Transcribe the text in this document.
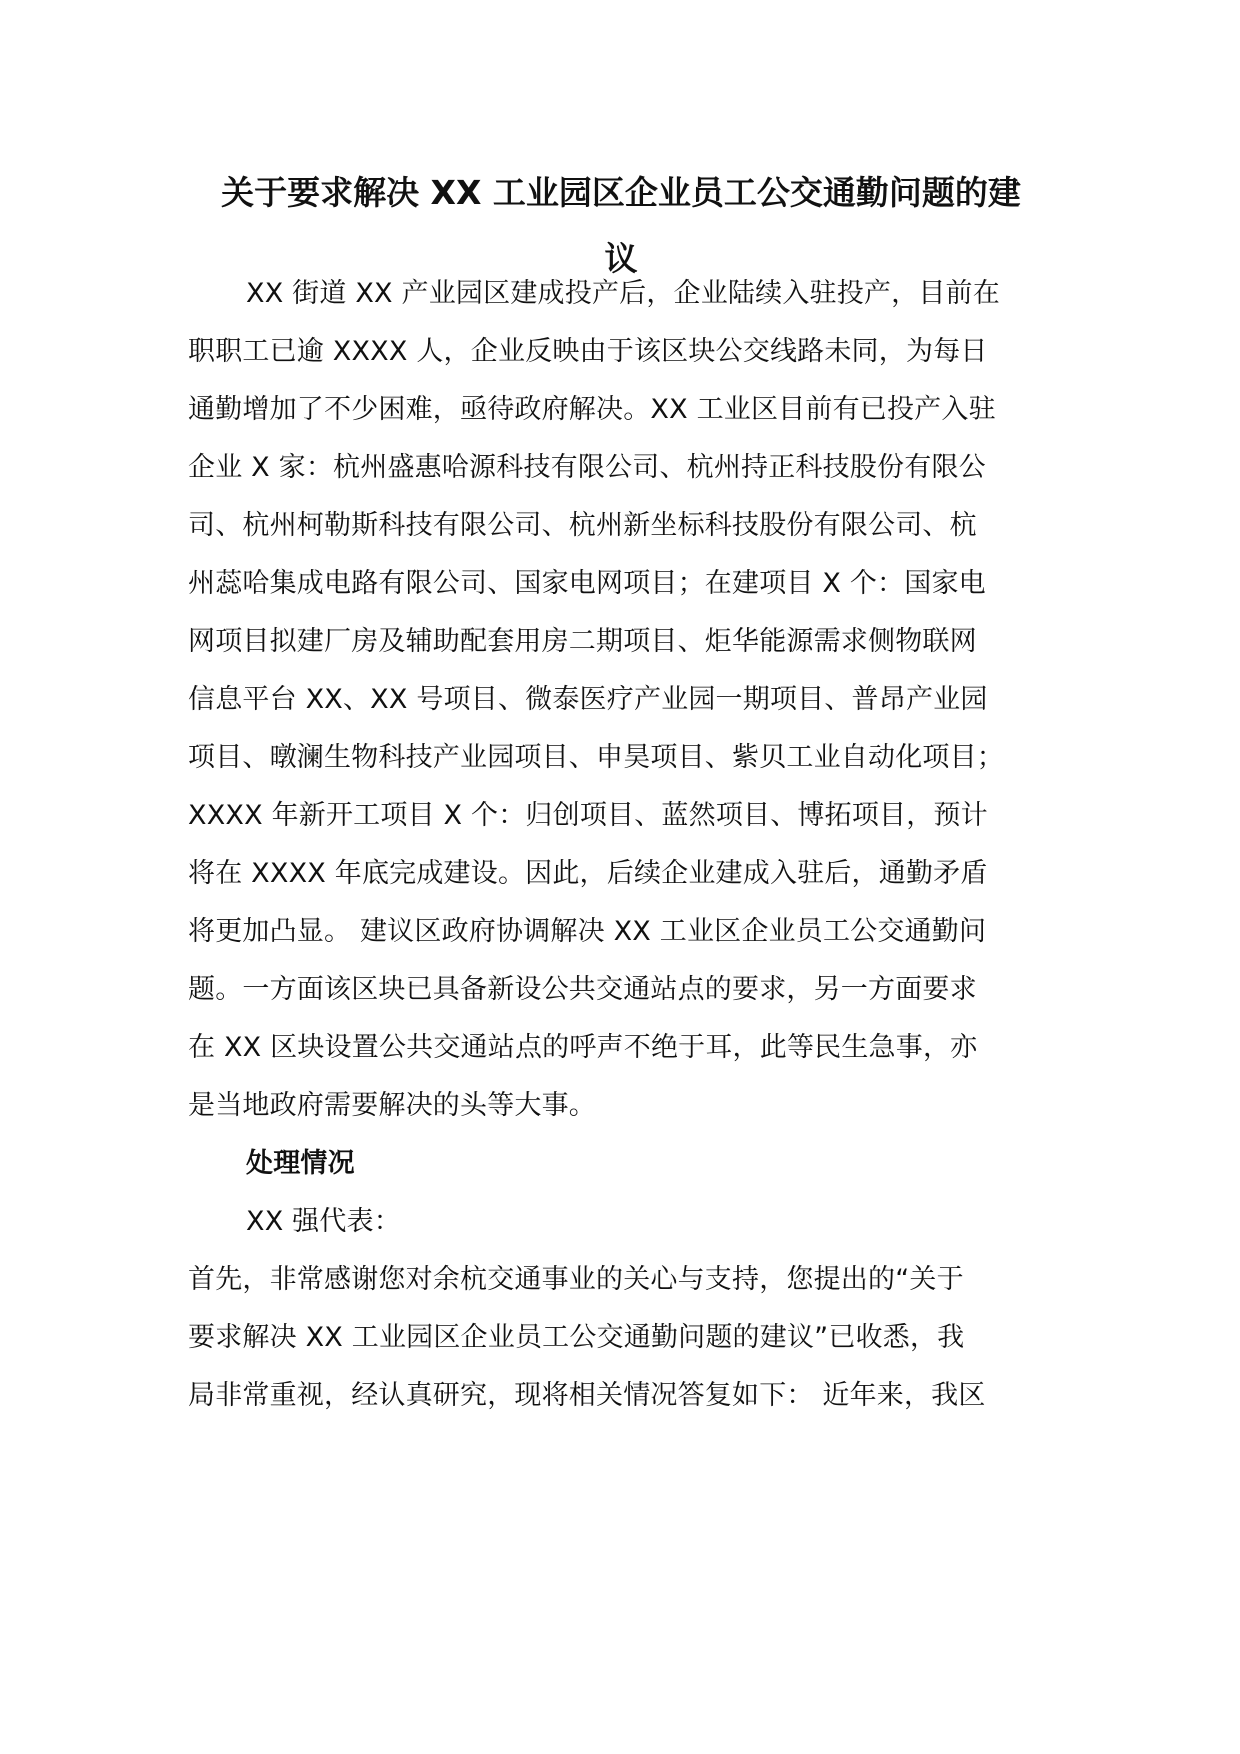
关于要求解决 XX 工业园区企业员工公交通勤问题的建
议
XX 街道 XX 产业园区建成投产后，企业陆续入驻投产，目前在
职职工已逾 XXXX 人，企业反映由于该区块公交线路未同，为每日
通勤增加了不少困难，亟待政府解决。XX 工业区目前有已投产入驻
企业 X 家：杭州盛惠哈源科技有限公司、杭州持正科技股份有限公
司、杭州柯勒斯科技有限公司、杭州新坐标科技股份有限公司、杭
州蕊哈集成电路有限公司、国家电网项目；在建项目 X 个：国家电
网项目拟建厂房及辅助配套用房二期项目、炬华能源需求侧物联网
信息平台 XX、XX 号项目、微泰医疗产业园一期项目、普昂产业园
项目、暾澜生物科技产业园项目、申昊项目、紫贝工业自动化项目；
XXXX 年新开工项目 X 个：归创项目、蓝然项目、博拓项目，预计
将在 XXXX 年底完成建设。因此，后续企业建成入驻后，通勤矛盾
将更加凸显。 建议区政府协调解决 XX 工业区企业员工公交通勤问
题。一方面该区块已具备新设公共交通站点的要求，另一方面要求
在 XX 区块设置公共交通站点的呼声不绝于耳，此等民生急事，亦
是当地政府需要解决的头等大事。
处理情况
XX 强代表：
首先，非常感谢您对余杭交通事业的关心与支持，您提出的“关于
要求解决 XX 工业园区企业员工公交通勤问题的建议”已收悉，我
局非常重视，经认真研究，现将相关情况答复如下： 近年来，我区
